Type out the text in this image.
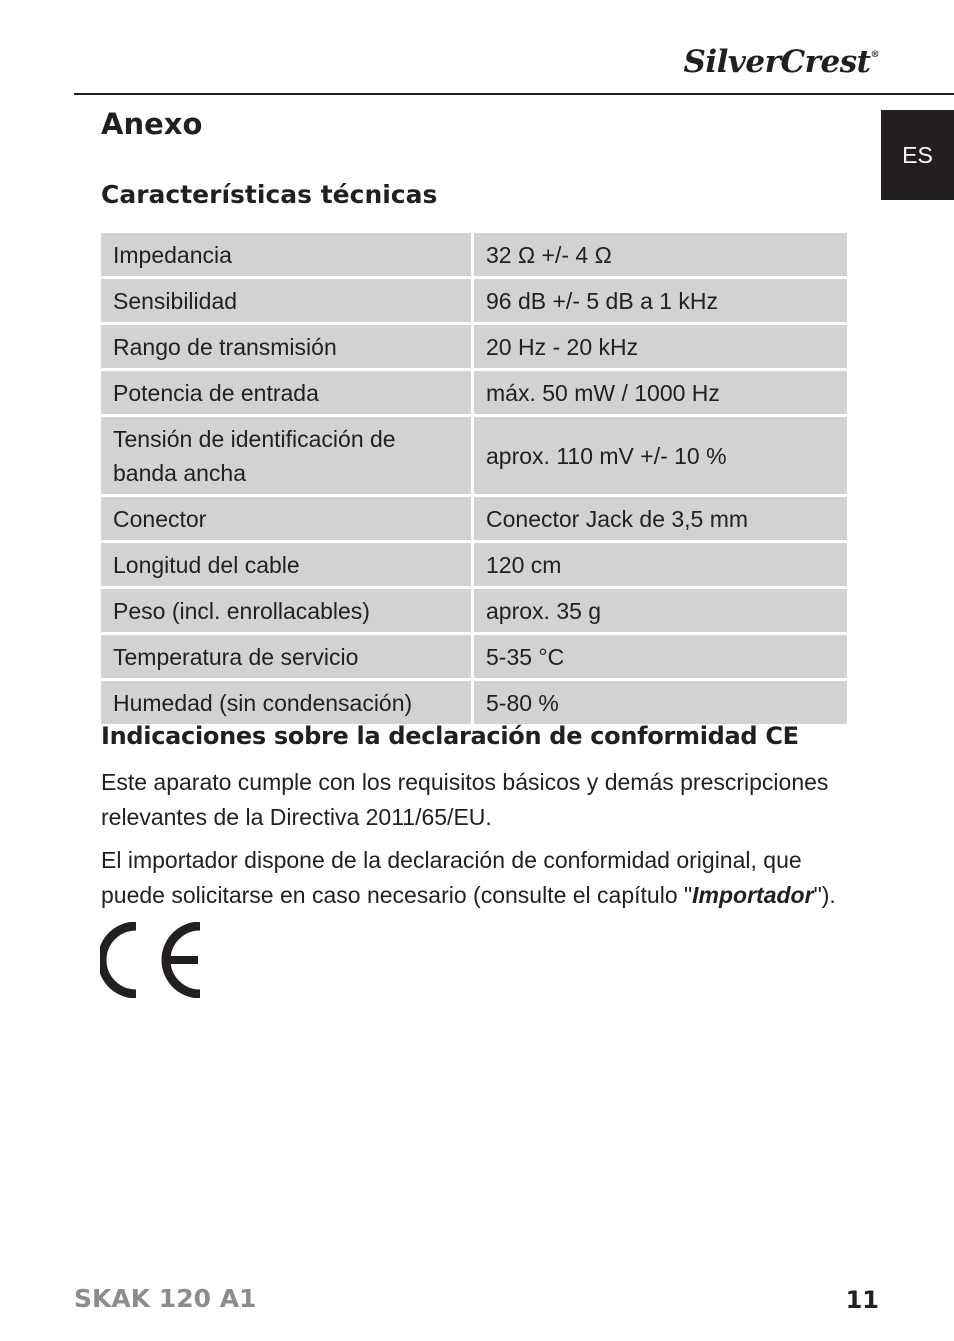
SilverCrest®
ES
Anexo
Características técnicas
Impedancia	32 Ω +/- 4 Ω
Sensibilidad	96 dB +/- 5 dB a 1 kHz
Rango de transmisión	20 Hz - 20 kHz
Potencia de entrada	máx. 50 mW / 1000 Hz
Tensión de identificación de banda ancha	aprox. 110 mV +/- 10 %
Conector	Conector Jack de 3,5 mm
Longitud del cable	120 cm
Peso (incl. enrollacables)	aprox. 35 g
Temperatura de servicio	5-35 °C
Humedad (sin condensación)	5-80 %
Indicaciones sobre la declaración de conformidad CE

Este aparato cumple con los requisitos básicos y demás prescripciones relevantes de la Directiva 2011/65/EU.

El importador dispone de la declaración de conformidad original, que puede solicitarse en caso necesario (consulte el capítulo "Importador").

SKAK 120 A1	11
